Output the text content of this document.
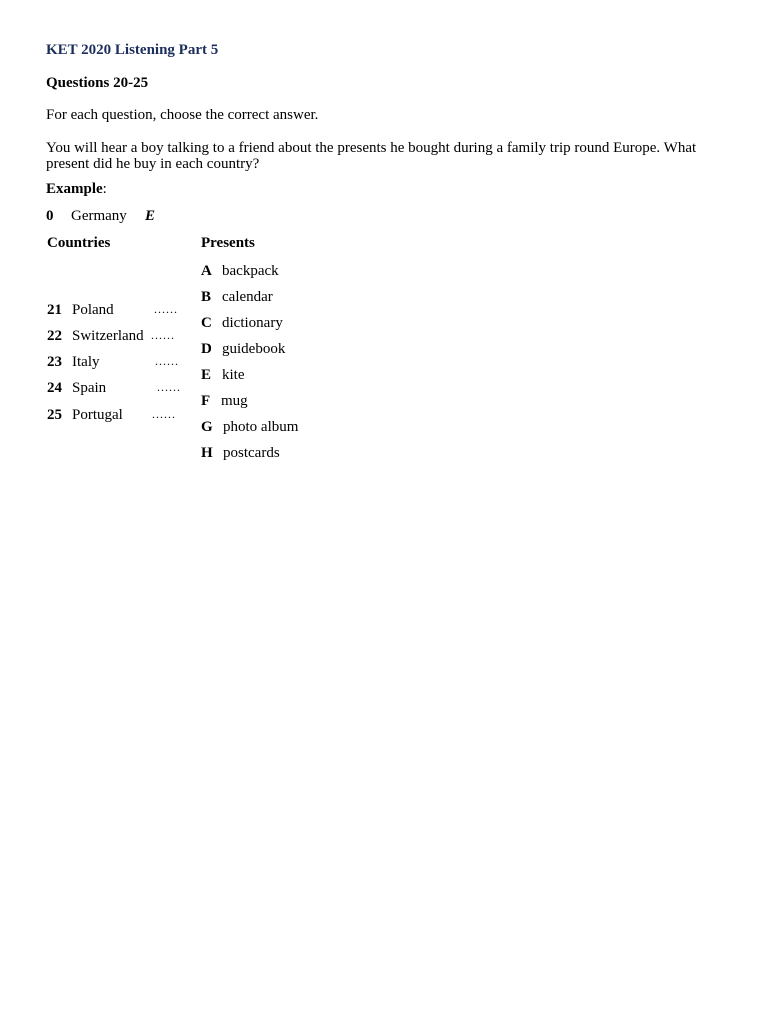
KET 2020 Listening Part 5
Questions 20-25
For each question, choose the correct answer.
You will hear a boy talking to a friend about the presents he bought during a family trip round Europe. What present did he buy in each country?
Example:
0 Germany E
Countries	Presents
21 Poland	......
22 Switzerland ......
23 Italy	......
24 Spain	......
25 Portugal ......
A backpack
B calendar
C dictionary
D guidebook
E kite
F mug
G photo album
H postcards
